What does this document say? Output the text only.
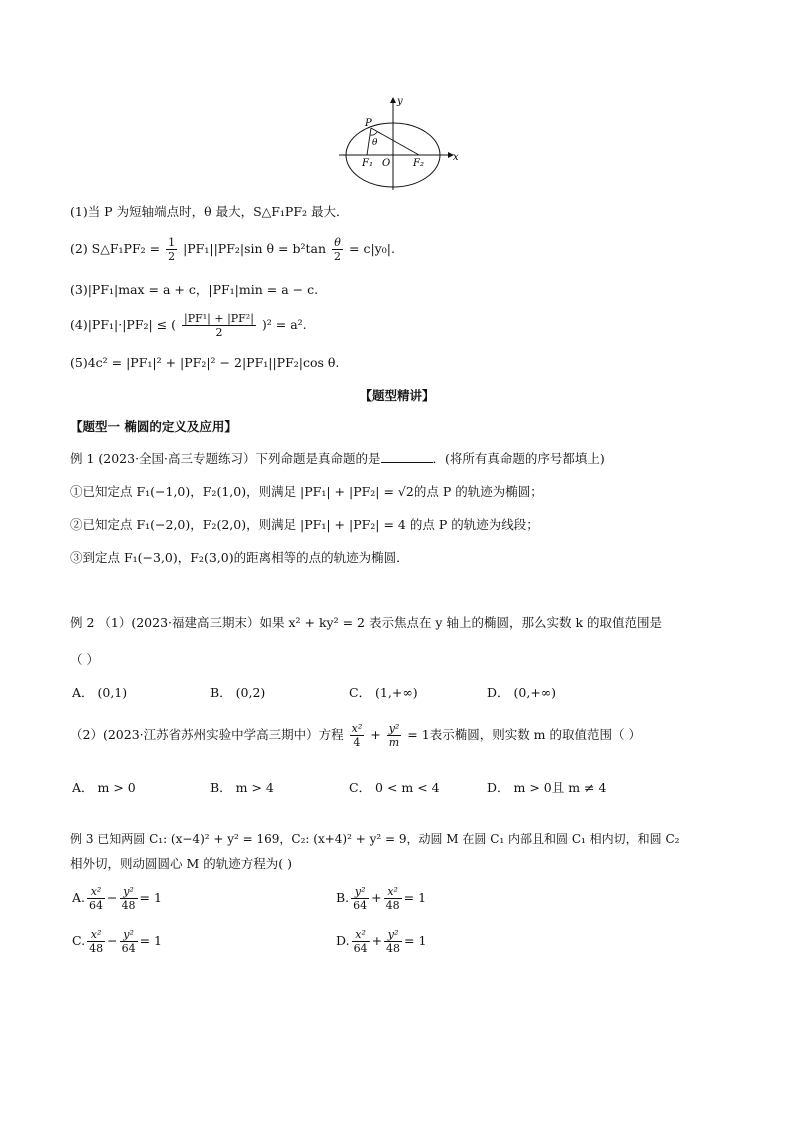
y
x
P
θ
F₁ O F₂
(1)当 P 为短轴端点时，θ 最大，S△F₁PF₂ 最大．
(2) S△F₁PF₂ = $\frac{1}{2} |PF_1||PF_2|\sin$ $\theta = b^2\tan \frac{\theta}{2} = c|y_0|$.
(3)|PF₁|max = a + c，|PF₁|min = a − c.
(4)|PF₁|·|PF₂| ≤ ( $\frac{\text{|PF¹| + |PF²|}}{2} )^2 = a^2$.
(5)4c² = |PF₁|² + |PF₂|² − 2|PF₁||PF₂|cos θ.
【题型精讲】
【题型一 椭圆的定义及应用】
例 1 (2023·全国·高三专题练习）下列命题是真命题的是	．(将所有真命题的序号都填上)
①已知定点 F₁(−1,0)，F₂(1,0)，则满足 |PF₁| + |PF₂| = √2的点 P 的轨迹为椭圆；
②已知定点 F₁(−2,0)，F₂(2,0)，则满足 |PF₁| + |PF₂| = 4 的点 P 的轨迹为线段；
③到定点 F₁(−3,0)，F₂(3,0)的距离相等的点的轨迹为椭圆．
例 2 （1）(2023·福建高三期末）如果 x² + ky² = 2 表示焦点在 y 轴上的椭圆，那么实数 k 的取值范围是
（ ）
A． (0,1)	B． (0,2)	C． (1,+∞)	D． (0,+∞)
（2）(2023·江苏省苏州实验中学高三期中）方程 $\frac{\text{x²}}{4} + \frac{\text{y²}}{m} = 1$表示椭圆，则实数 m 的取值范围（ ）
A． m > 0	B． m > 4	C． 0 < m < 4	D． m > 0且 m ≠ 4
例 3 已知两圆 C₁: (x−4)² + y² = 169，C₂: (x+4)² + y² = 9，动圆 M 在圆 C₁ 内部且和圆 C₁ 相内切，和圆 C₂
相外切，则动圆圆心 M 的轨迹方程为( )
A. $\frac{\text{x²}}{64} - \frac{\text{y²}}{48} = 1$	B. $\frac{\text{y²}}{64} + \frac{\text{x²}}{48} = 1$
C. $\frac{\text{x²}}{48} - \frac{\text{y²}}{64} = 1$	D. $\frac{\text{x²}}{64} + \frac{\text{y²}}{48} = 1$
